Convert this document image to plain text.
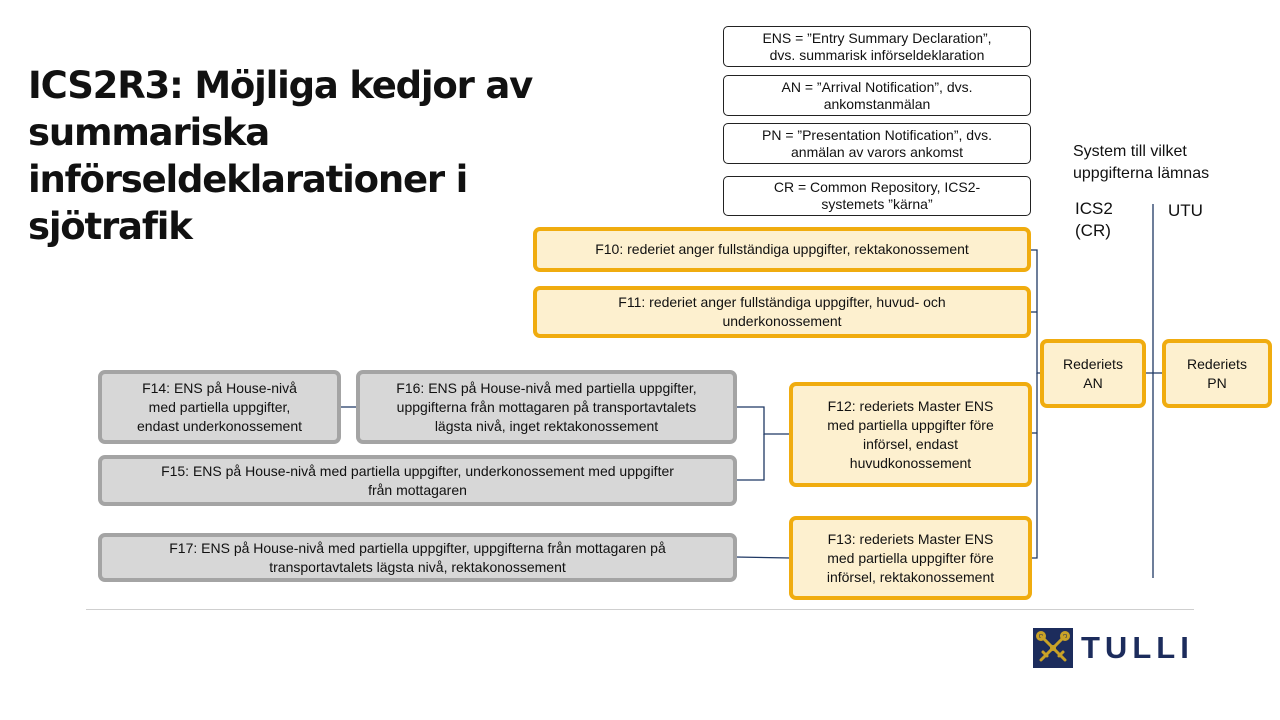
ICS2R3: Möjliga kedjor av
summariska införseldeklarationer i
sjötrafik
ENS = ”Entry Summary Declaration”,
dvs. summarisk införseldeklaration
AN = ”Arrival Notification”, dvs.
ankomstanmälan
PN = ”Presentation Notification”, dvs.
anmälan av varors ankomst
CR = Common Repository, ICS2-
systemets ”kärna”
System till vilket
uppgifterna lämnas
ICS2
(CR)
UTU
F10: rederiet anger fullständiga uppgifter, rektakonossement
F11: rederiet anger fullständiga uppgifter, huvud- och
underkonossement
F12: rederiets Master ENS
med partiella uppgifter före
införsel, endast
huvudkonossement
F13: rederiets Master ENS
med partiella uppgifter före
införsel, rektakonossement
Rederiets
AN
Rederiets
PN
F14: ENS på House-nivå
med partiella uppgifter,
endast underkonossement
F16: ENS på House-nivå med partiella uppgifter,
uppgifterna från mottagaren på transportavtalets
lägsta nivå, inget rektakonossement
F15: ENS på House-nivå med partiella uppgifter, underkonossement med uppgifter
från mottagaren
F17: ENS på House-nivå med partiella uppgifter, uppgifterna från mottagaren på
transportavtalets lägsta nivå, rektakonossement
TULLI
